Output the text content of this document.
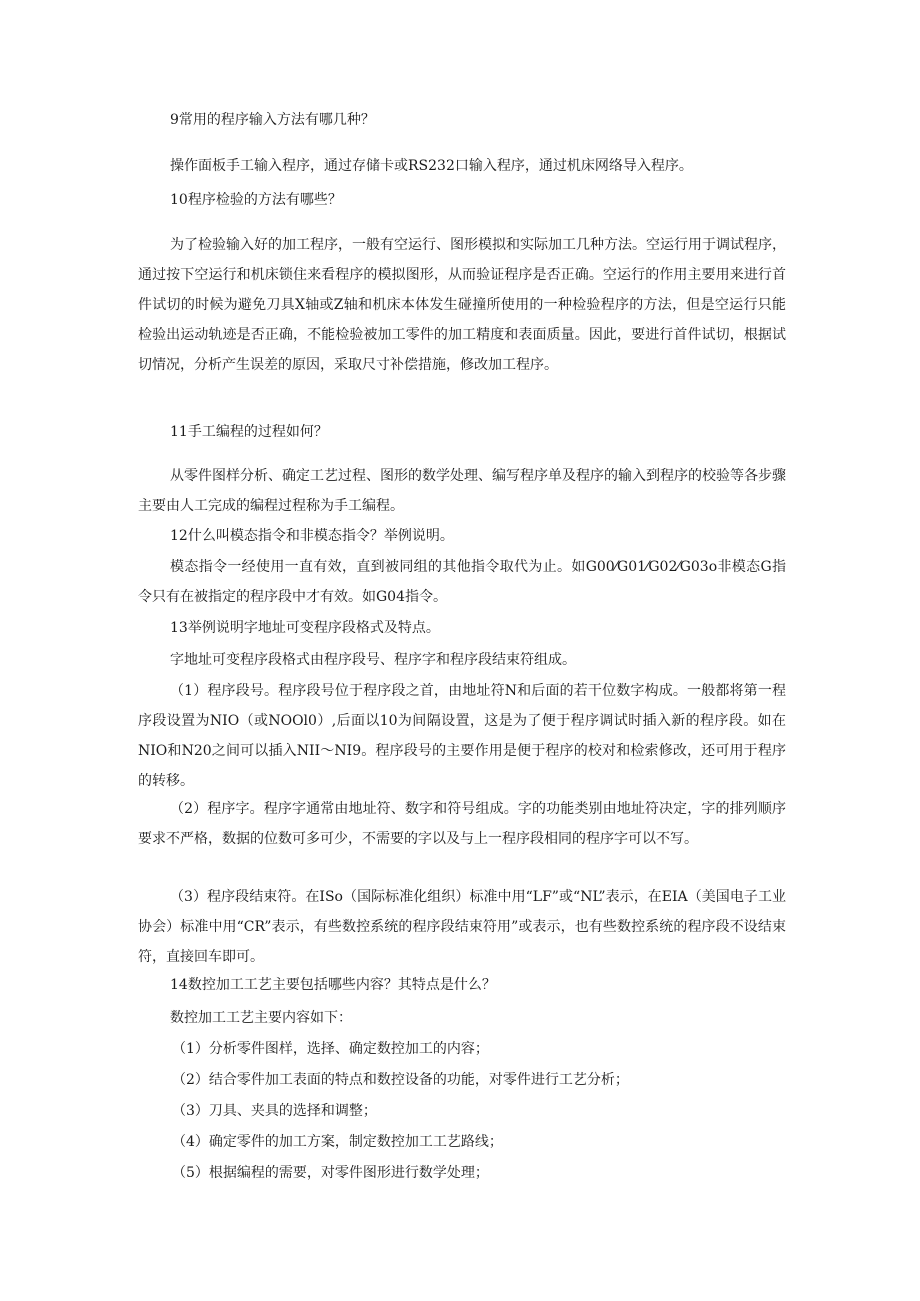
9常用的程序输入方法有哪几种？
操作面板手工输入程序，通过存储卡或RS232口输入程序，通过机床网络导入程序。
10程序检验的方法有哪些？
为了检验输入好的加工程序，一般有空运行、图形模拟和实际加工几种方法。空运行用于调试程序，通过按下空运行和机床锁住来看程序的模拟图形，从而验证程序是否正确。空运行的作用主要用来进行首件试切的时候为避免刀具X轴或Z轴和机床本体发生碰撞所使用的一种检验程序的方法，但是空运行只能检验出运动轨迹是否正确，不能检验被加工零件的加工精度和表面质量。因此，要进行首件试切，根据试切情况，分析产生误差的原因，采取尺寸补偿措施，修改加工程序。
11手工编程的过程如何？
从零件图样分析、确定工艺过程、图形的数学处理、编写程序单及程序的输入到程序的校验等各步骤主要由人工完成的编程过程称为手工编程。
12什么叫模态指令和非模态指令？举例说明。
模态指令一经使用一直有效，直到被同组的其他指令取代为止。如G00⁄G01⁄G02⁄G03o非模态G指令只有在被指定的程序段中才有效。如G04指令。
13举例说明字地址可变程序段格式及特点。
字地址可变程序段格式由程序段号、程序字和程序段结束符组成。
（1）程序段号。程序段号位于程序段之首，由地址符N和后面的若干位数字构成。一般都将第一程序段设置为NIO（或NOOl0）,后面以10为间隔设置，这是为了便于程序调试时插入新的程序段。如在NIO和N20之间可以插入NII〜NI9。程序段号的主要作用是便于程序的校对和检索修改，还可用于程序的转移。
（2）程序字。程序字通常由地址符、数字和符号组成。字的功能类别由地址符决定，字的排列顺序要求不严格，数据的位数可多可少，不需要的字以及与上一程序段相同的程序字可以不写。
（3）程序段结束符。在ISo（国际标准化组织）标准中用“LF”或“NL”表示，在EIA（美国电子工业协会）标准中用“CR”表示，有些数控系统的程序段结束符用”或表示，也有些数控系统的程序段不设结束符，直接回车即可。
14数控加工工艺主要包括哪些内容？其特点是什么？
数控加工工艺主要内容如下：
（1）分析零件图样，选择、确定数控加工的内容；
（2）结合零件加工表面的特点和数控设备的功能，对零件进行工艺分析；
（3）刀具、夹具的选择和调整；
（4）确定零件的加工方案，制定数控加工工艺路线；
（5）根据编程的需要，对零件图形进行数学处理；
